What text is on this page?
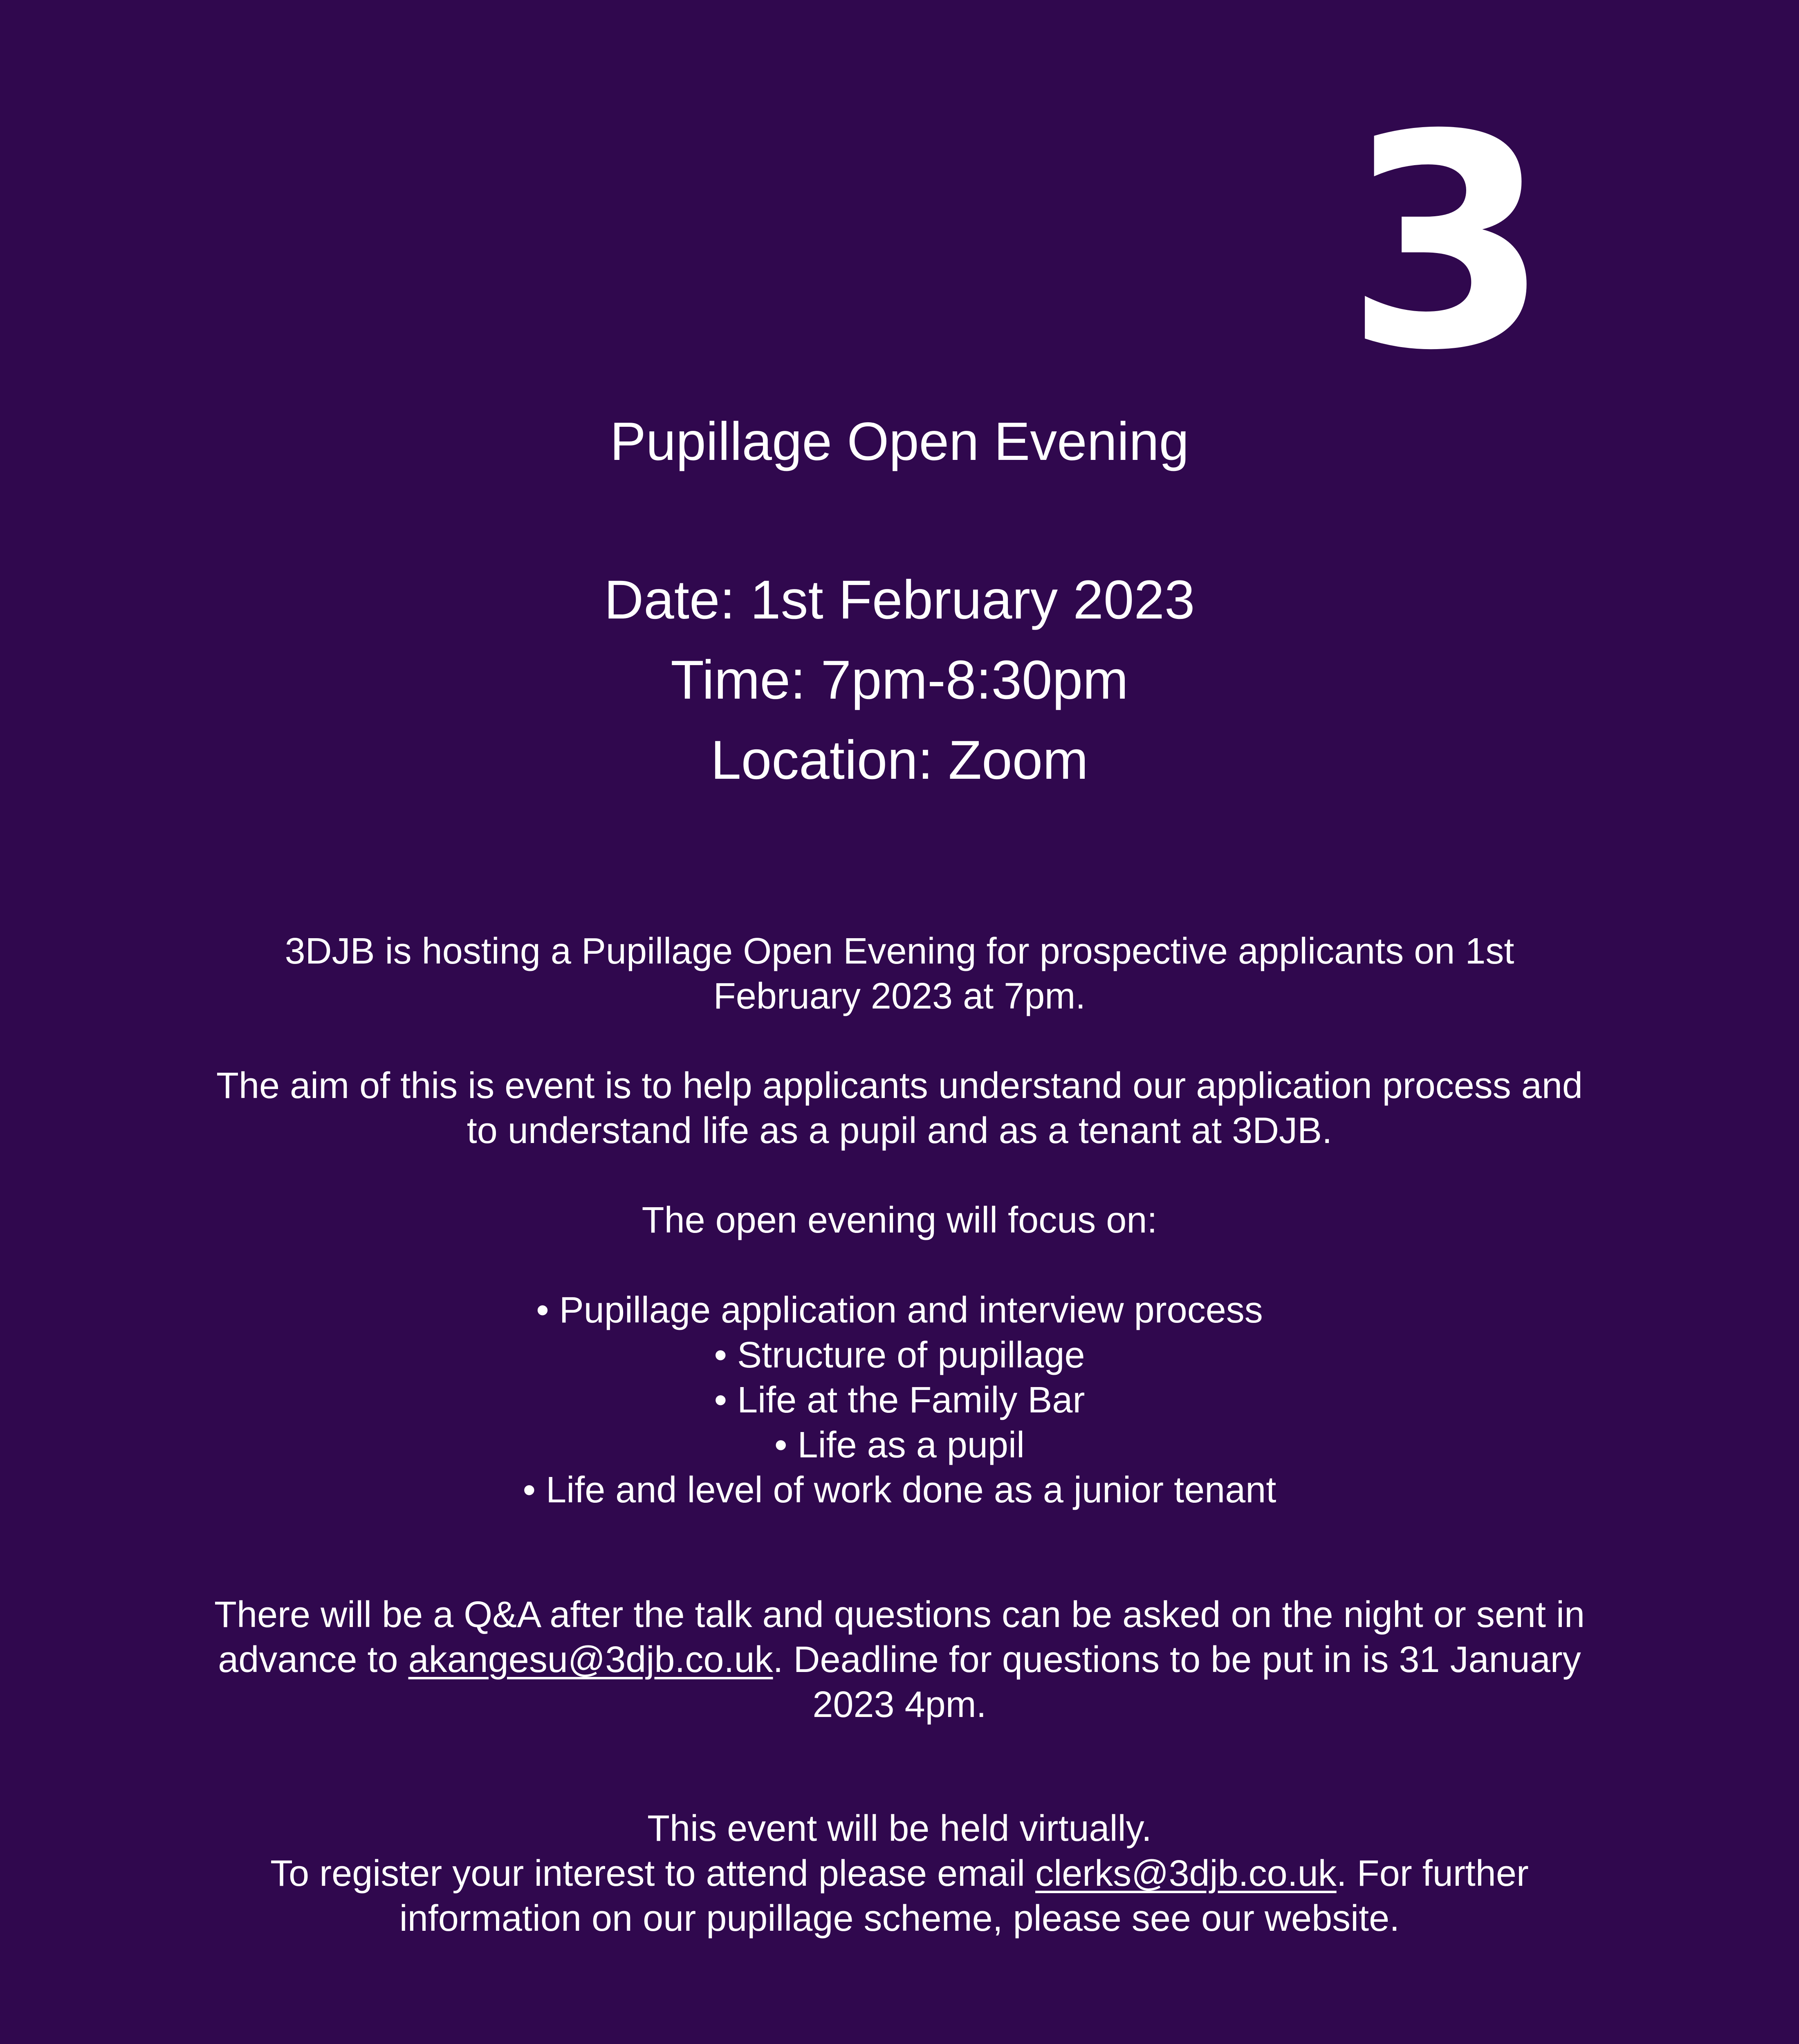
3
Pupillage Open Evening
Date: 1st February 2023
Time: 7pm-8:30pm
Location: Zoom
3DJB is hosting a Pupillage Open Evening for prospective applicants on 1st February 2023 at 7pm.
The aim of this is event is to help applicants understand our application process and to understand life as a pupil and as a tenant at 3DJB.
The open evening will focus on:
• Pupillage application and interview process
• Structure of pupillage
• Life at the Family Bar
• Life as a pupil
• Life and level of work done as a junior tenant
There will be a Q&A after the talk and questions can be asked on the night or sent in advance to akangesu@3djb.co.uk. Deadline for questions to be put in is 31 January 2023 4pm.
This event will be held virtually.
To register your interest to attend please email clerks@3djb.co.uk. For further information on our pupillage scheme, please see our website.
